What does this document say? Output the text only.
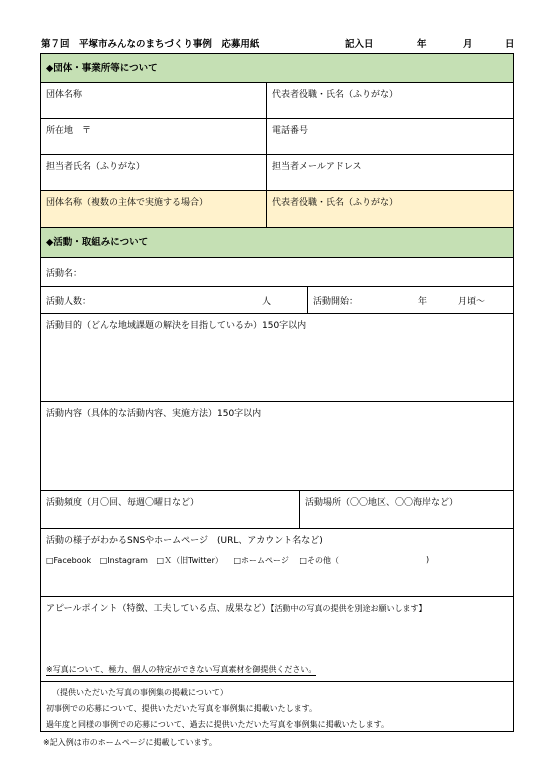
第７回　平塚市みんなのまちづくり事例　応募用紙	記入日	年	月	日
◆団体・事業所等について
団体名称	代表者役職・氏名（ふりがな）
所在地　〒	電話番号
担当者氏名（ふりがな）	担当者メールアドレス
団体名称（複数の主体で実施する場合）	代表者役職・氏名（ふりがな）
◆活動・取組みについて
活動名：
活動人数：	人	活動開始：	年	月頃～
活動目的（どんな地域課題の解決を目指しているか）150字以内
活動内容（具体的な活動内容、実施方法）150字以内
活動頻度（月〇回、毎週〇曜日など）	活動場所（〇〇地区、〇〇海岸など）
活動の様子がわかるSNSやホームページ　(URL、アカウント名など)
□Facebook □Instagram □Ｘ（旧Twitter） □ホームページ □その他（	)
アピールポイント（特徴、工夫している点、成果など）【活動中の写真の提供を別途お願いします】
※写真について、極力、個人の特定ができない写真素材を御提供ください。
（提供いただいた写真の事例集の掲載について）
初事例での応募について、提供いただいた写真を事例集に掲載いたします。
過年度と同様の事例での応募について、過去に提供いただいた写真を事例集に掲載いたします。
※記入例は市のホームページに掲載しています。
